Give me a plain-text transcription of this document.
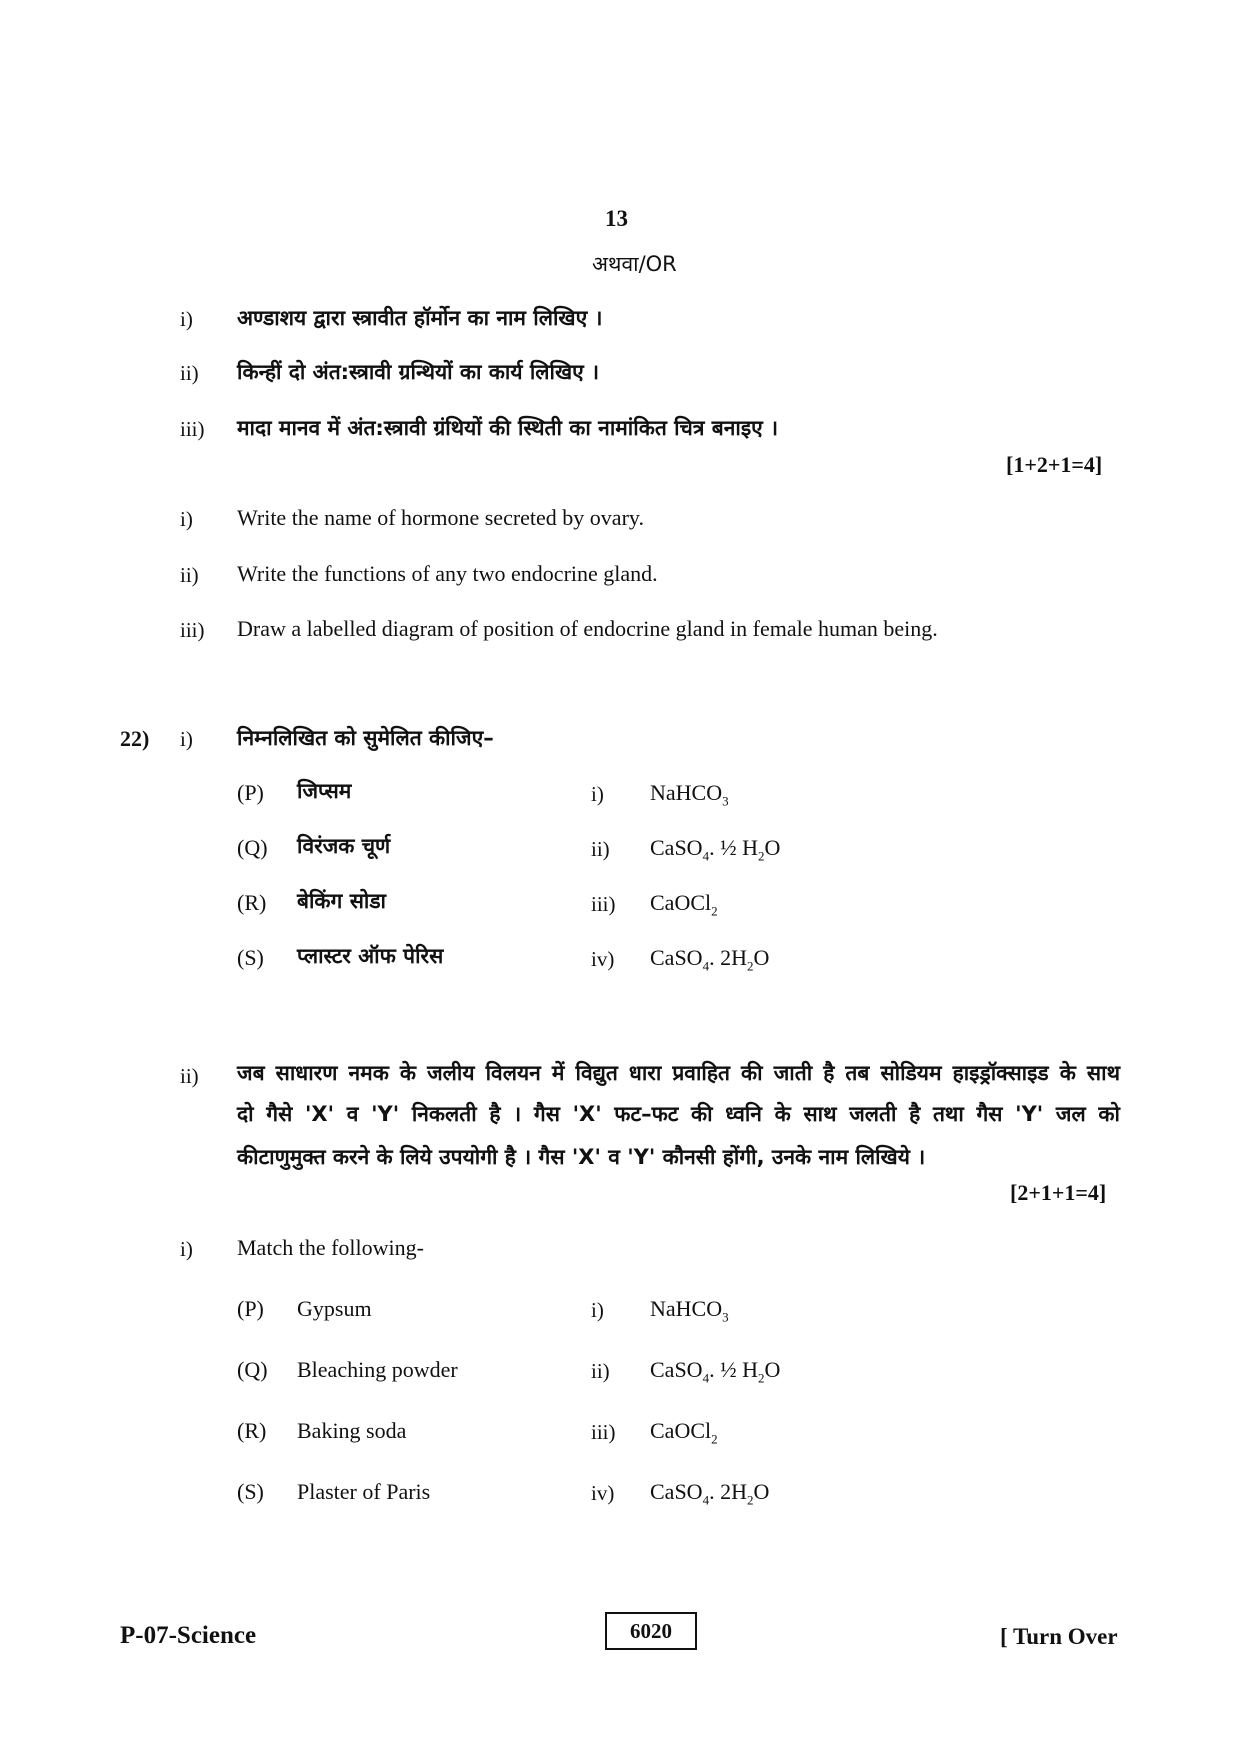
13
अथवा/OR
i) अण्डाशय द्वारा स्त्रावीत हॉर्मोन का नाम लिखिए ।
ii) किन्हीं दो अंत:स्त्रावी ग्रन्थियों का कार्य लिखिए ।
iii) मादा मानव में अंत:स्त्रावी ग्रंथियों की स्थिती का नामांकित चित्र बनाइए ।
[1+2+1=4]
i) Write the name of hormone secreted by ovary.
ii) Write the functions of any two endocrine gland.
iii) Draw a labelled diagram of position of endocrine gland in female human being.
22) i) निम्नलिखित को सुमेलित कीजिए–
(P) जिप्सम	i) NaHCO$_3$
(Q) विरंजक चूर्ण	ii) CaSO$_4$. ½ $H_2O$
(R) बेकिंग सोडा	iii) CaOCl$_2$
(S) प्लास्टर ऑफ पेरिस	iv) CaSO$_4$. $2H_2O$
ii) जब साधारण नमक के जलीय विलयन में विद्युत धारा प्रवाहित की जाती है तब सोडियम हाइड्रॉक्साइड के साथ
दो गैसे 'X' व 'Y' निकलती है । गैस 'X' फट–फट की ध्वनि के साथ जलती है तथा गैस 'Y' जल को
कीटाणुमुक्त करने के लिये उपयोगी है । गैस 'X' व 'Y' कौनसी होंगी, उनके नाम लिखिये ।
[2+1+1=4]
i) Match the following-
(P) Gypsum	i) NaHCO$_3$
(Q) Bleaching powder	ii) CaSO$_4$. ½ $H_2O$
(R) Baking soda	iii) CaOCl$_2$
(S) Plaster of Paris	iv) CaSO$_4$. $2H_2O$
P-07-Science	6020	[ Turn Over
